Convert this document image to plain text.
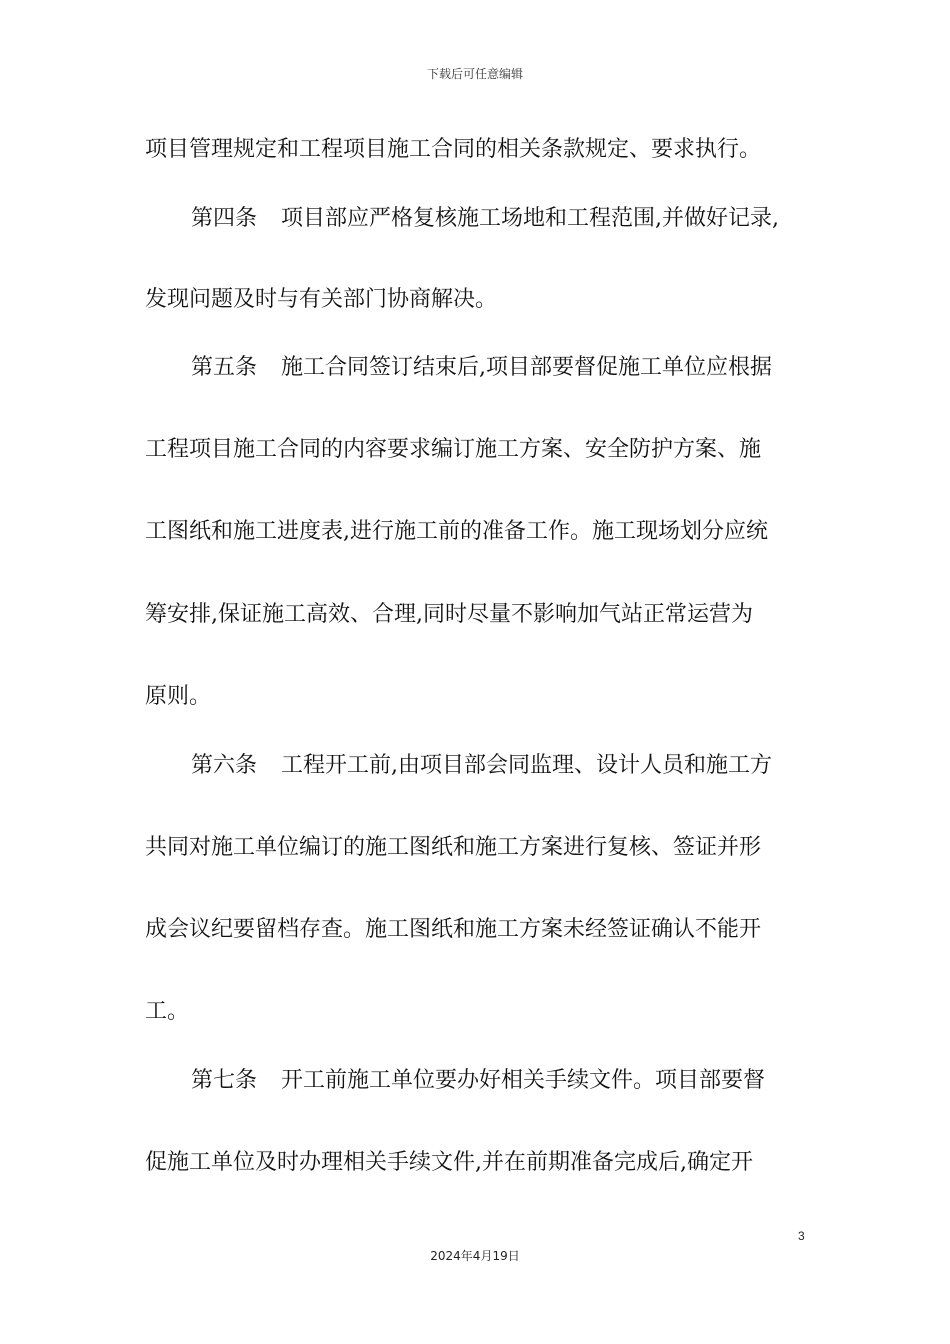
下载后可任意编辑
项目管理规定和工程项目施工合同的相关条款规定、要求执行。
第四条 项目部应严格复核施工场地和工程范围,并做好记录,
发现问题及时与有关部门协商解决。
第五条 施工合同签订结束后,项目部要督促施工单位应根据
工程项目施工合同的内容要求编订施工方案、安全防护方案、施
工图纸和施工进度表,进行施工前的准备工作。施工现场划分应统
筹安排,保证施工高效、合理,同时尽量不影响加气站正常运营为
原则。
第六条 工程开工前,由项目部会同监理、设计人员和施工方
共同对施工单位编订的施工图纸和施工方案进行复核、签证并形
成会议纪要留档存查。施工图纸和施工方案未经签证确认不能开
工。
第七条 开工前施工单位要办好相关手续文件。项目部要督
促施工单位及时办理相关手续文件,并在前期准备完成后,确定开
3
2024年4月19日
